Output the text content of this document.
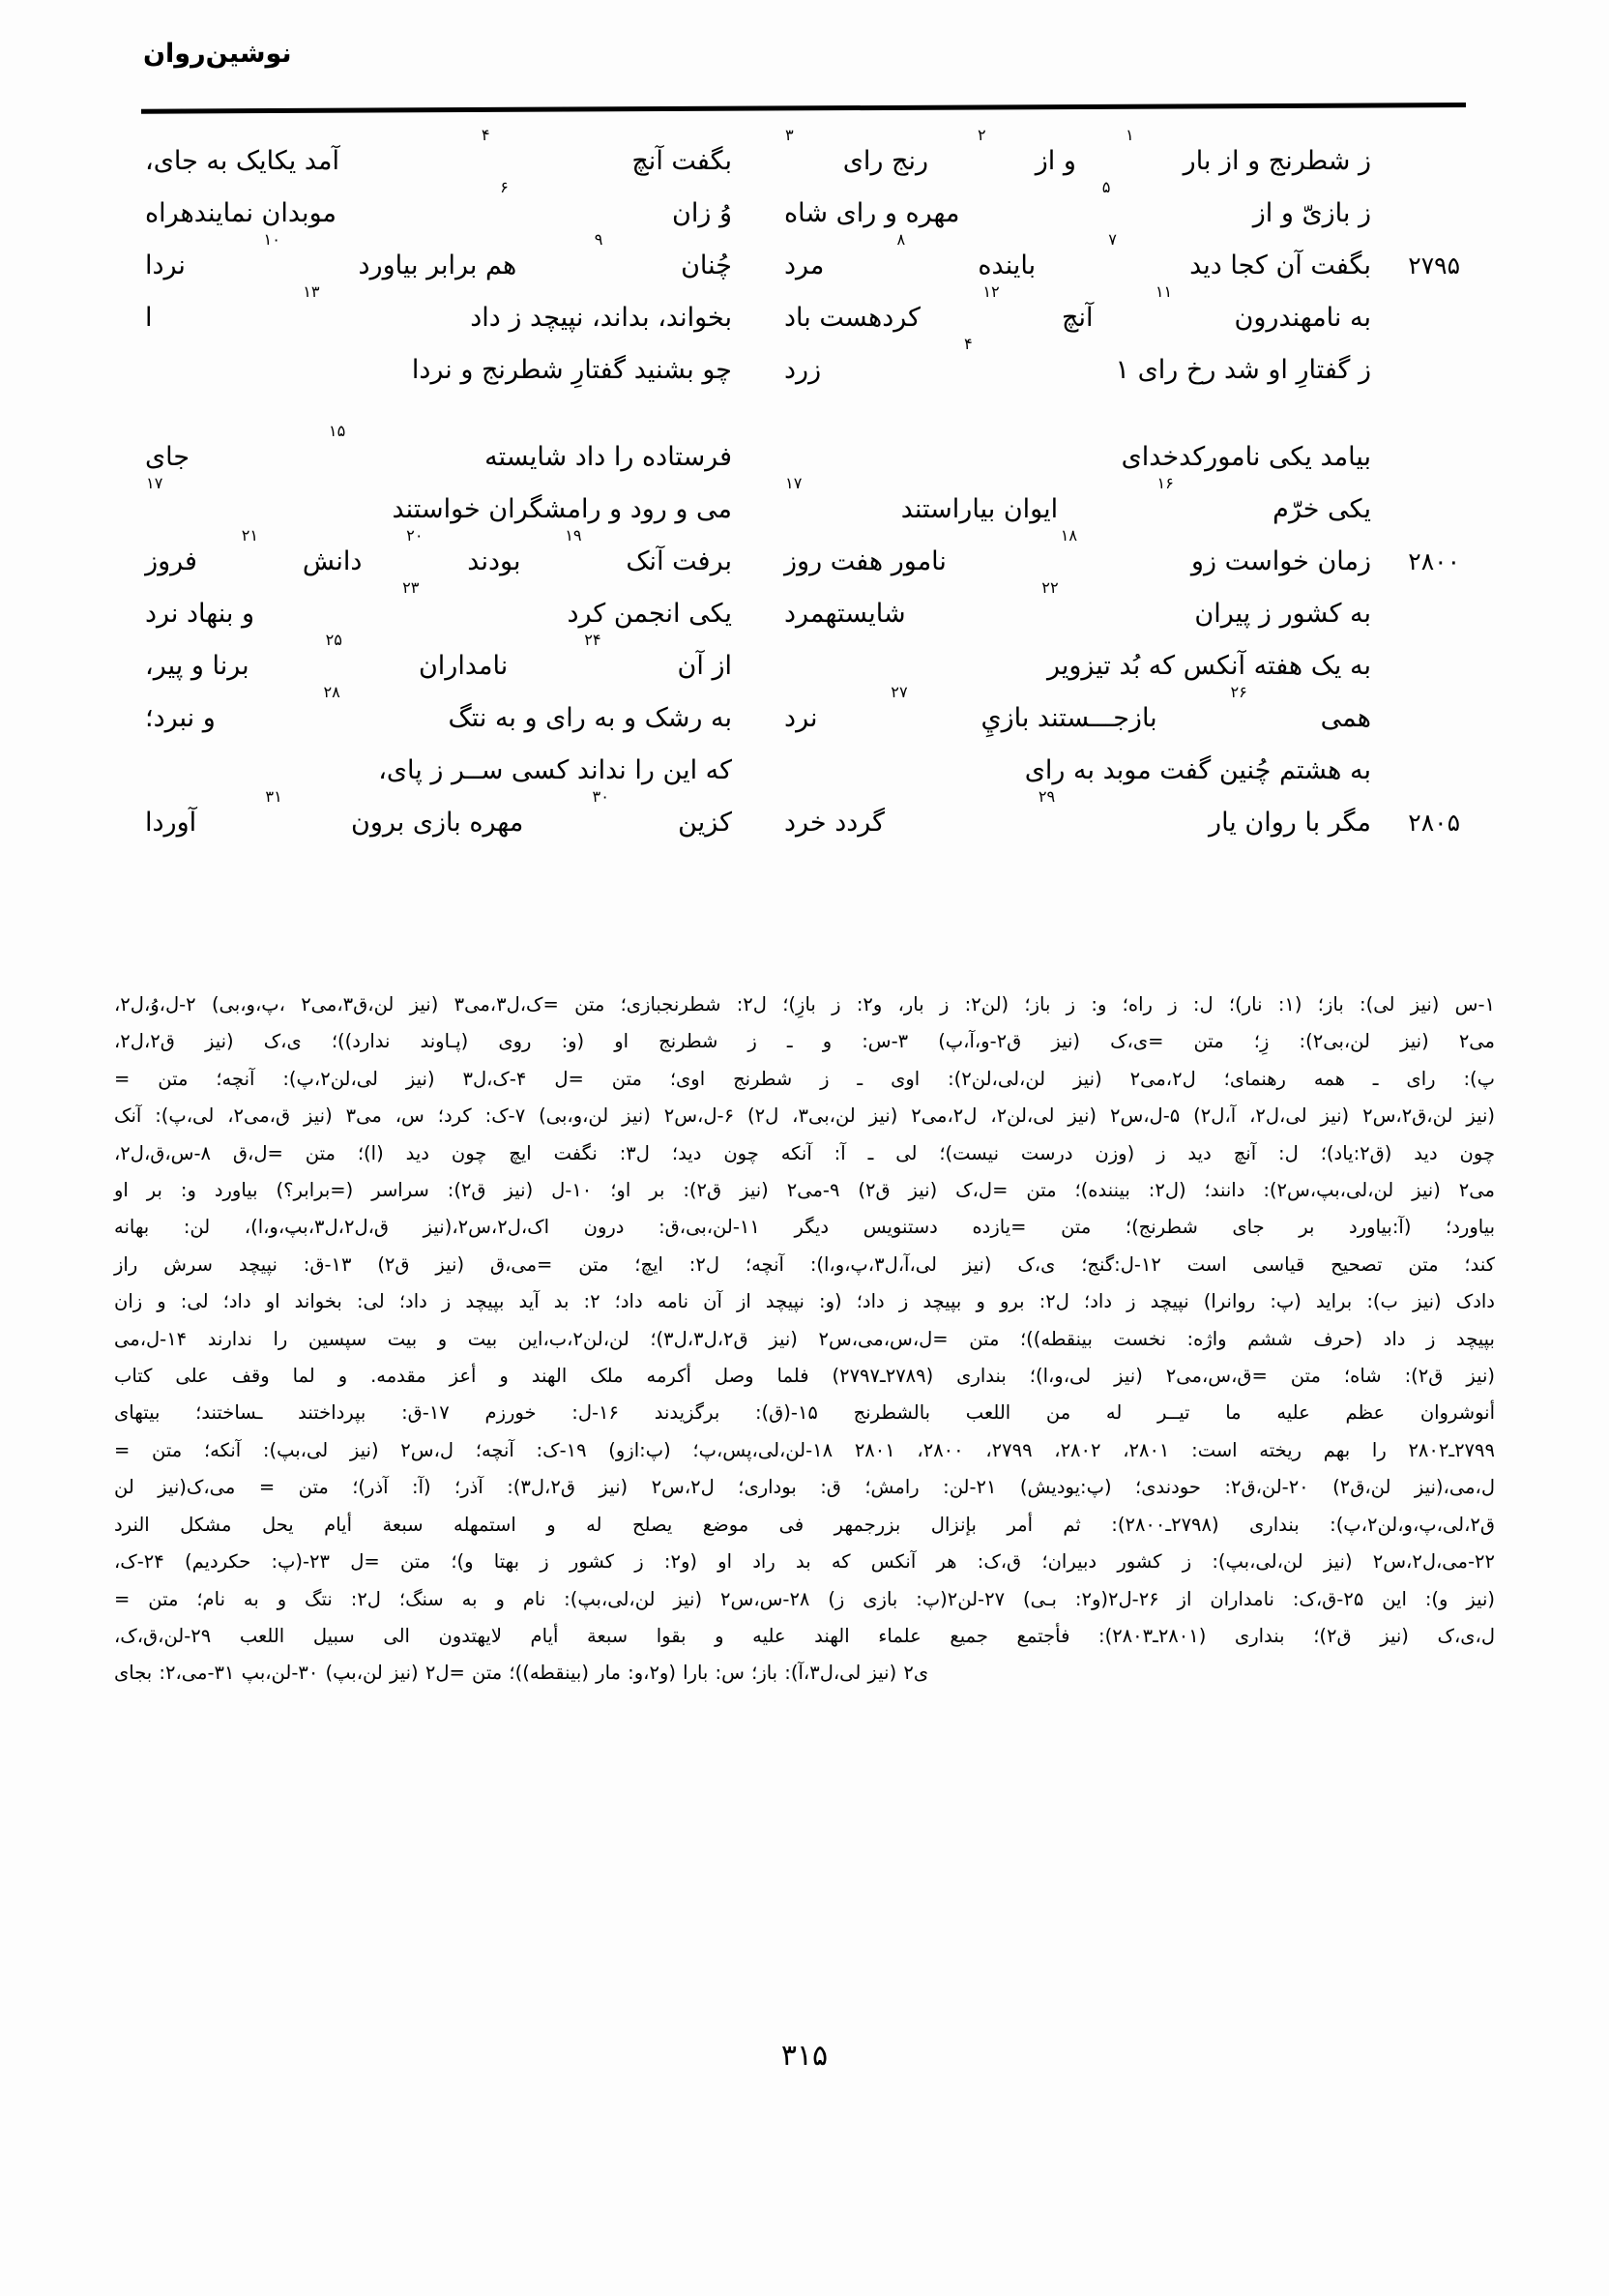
نوشین‌روان
ز شطرنج و از بار
۱
و از
۲
رنج رای
۳
بگفت آنچ
۴
آمد یکایک به جای،
ز بازیّ و از
۵
مهره و رای شاه
وُ زان
۶
موبدان نمایندهراه
۲۷۹۵
بگفت آن کجا دید
۷
باینده
۸
مرد
چُنان
۹
هم برابر بیاورد
۱۰
نردا
به نامهندرون
۱۱
آنچ
۱۲
کردهست باد
بخواند، بداند، نپیچد ز داد
۱۳
ا
ز گفتارِ او شد رخ رای ۱
۴
زرد
چو بشنید گفتارِ شطرنج و نردا
بیامد یکی ناموركدخدای
فرستاده را داد شایسته
۱۵
جای
یکی خرّم
۱۶
ایوان بیاراستند
۱۷
می و رود و رامشگران خواستند
۱۷
۲۸۰۰
زمان خواست زو
۱۸
نامور هفت روز
برفت آنک
۱۹
بودند
۲۰
دانش
۲۱
فروز
به کشور ز پیران
۲۲
شایستهمرد
یکی انجمن کرد
۲۳
و بنهاد نرد
به یک هفته آنکس که بُد تیزویر
از آن
۲۴
نامداران
۲۵
برنا و پیر،
همی
۲۶
بازجـــستند بازيِ
۲۷
نرد
به رشک و به رای و به نتگ
۲۸
و نبرد؛
به هشتم چُنین گفت موبد به رای
که این را نداند کسی ســر ز پای،
۲۸۰۵
مگر با روان یار
۲۹
گردد خرد
کزین
۳۰
مهره بازی برون
۳۱
آوردا

۱-س (نیز لی): باز؛ (۱: نار)؛ ل: ز راه؛ و: ز باز؛ (لن۲: ز بار، و۲: ز بازِ)؛ ل۲: شطرنجبازی؛ متن =ک،ل۳،می۳ (نیز لن،ق۳،می۲ ،پ،و،بی) ۲-ل،وُ،ل۲،

می۲ (نیز لن،بی۲): زِ؛ متن =ی،ک (نیز ق۲-و،آ،پ) ۳-س: و ـ ز شطرنج او (و: روی (پـاوند ندارد))؛ ی،ک (نیز ق۲،ل۲،

پ): رای ـ همه رهنمای؛ ل۲،می۲ (نیز لن،لی،لن۲): اوی ـ ز شطرنج اوی؛ متن =ل ۴-ک،ل۳ (نیز لی،لن۲،پ): آنچه؛ متن =

(نیز لن،ق۲،س۲ (نیز لی،ل۲، آ،ل۲) ۵-ل،س۲ (نیز لی،لن۲، ل۲،می۲ (نیز لن،بی۳، ل۲) ۶-ل،س۲ (نیز لن،و،بی) ۷-ک: کرد؛ س، می۳ (نیز ق،می۲، لی،پ): آنک

چون دید (ق۲:یاد)؛ ل: آنچ دید ز (وزن درست نیست)؛ لی ـ آ: آنکه چون دید؛ ل۳: نگفت ایچ چون دید (ا)؛ متن =ل،ق ۸-س،ق،ل۲،

می۲ (نیز لن،لی،بپ،س۲): دانند؛ (ل۲: بیننده)؛ متن =ل،ک (نیز ق۲) ۹-می۲ (نیز ق۲): بر او؛ ۱۰-ل (نیز ق۲): سراسر (=برابر؟) بیاورد و: بر او

بیاورد؛ (آ:بیاورد بر جای شطرنج)؛ متن =یازده دستنویس دیگر ۱۱-لن،بی،ق: درون اک،ل۲،س۲،(نیز ق،ل۲،ل۳،بپ،و،ا)، لن: بهانه

کند؛ متن تصحیح قیاسی است ۱۲-ل:گنج؛ ی،ک (نیز لی،آ،ل۳،پ،و،ا): آنچه؛ ل۲: ایچ؛ متن =می،ق (نیز ق۲) ۱۳-ق: نپیچد سرش راز

دادک (نیز ب): براید (پ: روانرا) نپیچد ز داد؛ ل۲: برو و بپیچد ز داد؛ (و: نپیچد از آن نامه داد؛ ۲: بد آید بپیچد ز داد؛ لی: بخواند او داد؛ لی: و زان

بپیچد ز داد (حرف ششم واژه: نخست بینقطه))؛ متن =ل،س،می،س۲ (نیز ق۲،ل۳،ل۳)؛ لن،لن۲،ب،این بیت و بیت سپسین را ندارند ۱۴-ل،می

(نیز ق۲): شاه؛ متن =ق،س،می۲ (نیز لی،و،ا)؛ بنداری (۲۷۸۹ـ۲۷۹۷) فلما وصل أکرمه ملک الهند و أعز مقدمه. و لما وقف علی کتاب

أنوشروان عظم علیه ما تیــر له من اللعب بالشطرنج ۱۵-(ق): برگزیدند ۱۶-ل: خورزم ۱۷-ق: بپرداختند ـساختند؛ بیتهای

۲۷۹۹ـ۲۸۰۲ را بهم ریخته است: ۲۸۰۱، ۲۸۰۲، ۲۷۹۹، ۲۸۰۰، ۲۸۰۱ ۱۸-لن،لی،پس،پ؛ (پ:ازو) ۱۹-ک: آنچه؛ ل،س۲ (نیز لی،بپ): آنکه؛ متن =

ل،می،(نیز لن،ق۲) ۲۰-لن،ق۲: حودندی؛ (پ:یودیش) ۲۱-لن: رامش؛ ق: بوداری؛ ل۲،س۲ (نیز ق۲،ل۳): آذر؛ (آ: آذر)؛ متن = می،ک(نیز لن

ق۲،لی،پ،و،لن۲،پ): بنداری (۲۷۹۸ـ۲۸۰۰): ثم أمر بإنزال بزرجمهر فی موضع یصلح له و استمهله سبعة أیام یحل مشکل النرد

۲۲-می،ل۲،س۲ (نیز لن،لی،بپ): ز کشور دبیران؛ ق،ک: هر آنکس که بد راد او (و۲: ز کشور ز بهتا و)؛ متن =ل ۲۳-(پ: حکردیم) ۲۴-ک،

(نیز و): این ۲۵-ق،ک: نامداران از ۲۶-ل۲(و۲: بـی) ۲۷-لن۲(پ: بازی ز) ۲۸-س،س۲ (نیز لن،لی،بپ): نام و به سنگ؛ ل۲: نتگ و به نام؛ متن =

ل،ی،ک (نیز ق۲)؛ بنداری (۲۸۰۱ـ۲۸۰۳): فأجتمع جمیع علماء الهند علیه و بقوا سبعة أیام لایهتدون الی سبیل اللعب ۲۹-لن،ق،ک،

ی۲ (نیز لی،ل۳،آ): باز؛ س: بارا (و۲،و: مار (بینقطه))؛ متن =ل۲ (نیز لن،بپ) ۳۰-لن،بپ ۳۱-می،۲: بجای

۳۱۵
